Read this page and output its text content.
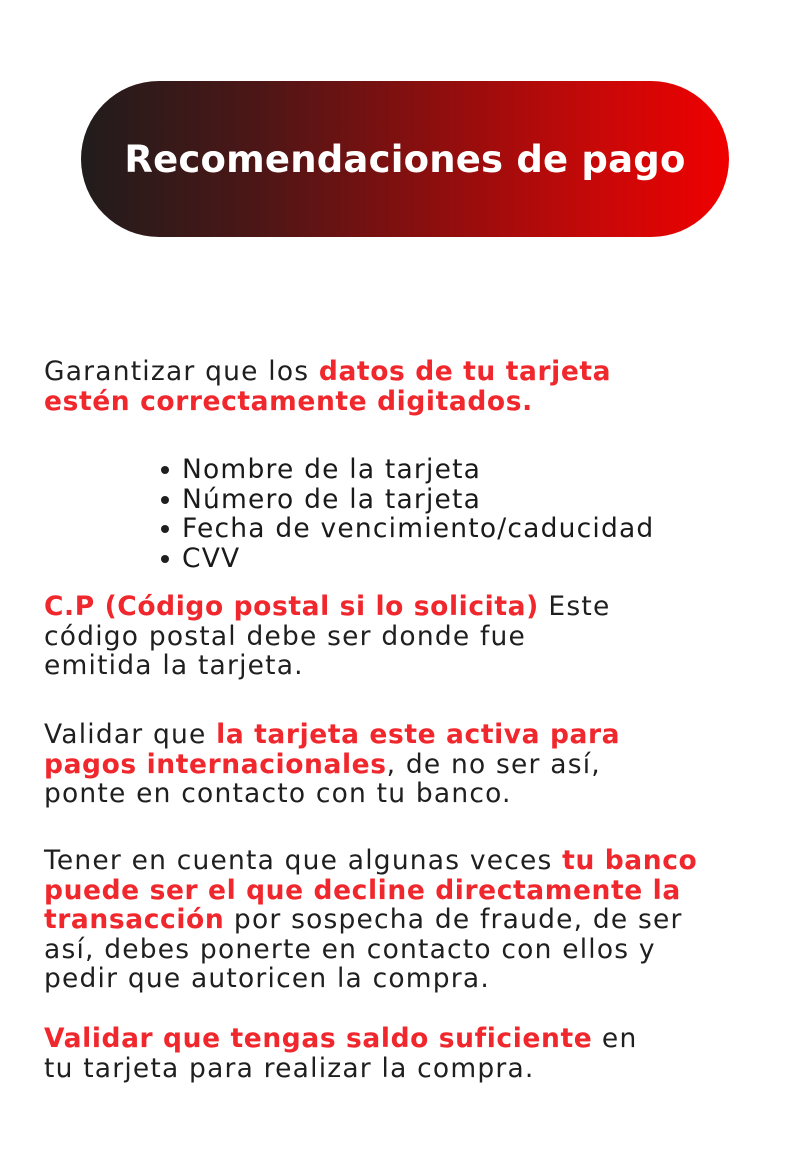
Recomendaciones de pago

Garantizar que los datos de tu tarjeta
estén correctamente digitados.

Nombre de la tarjeta
Número de la tarjeta
Fecha de vencimiento/caducidad
CVV

C.P (Código postal si lo solicita) Este
código postal debe ser donde fue
emitida la tarjeta.

Validar que la tarjeta este activa para
pagos internacionales, de no ser así,
ponte en contacto con tu banco.

Tener en cuenta que algunas veces tu banco
puede ser el que decline directamente la
transacción por sospecha de fraude, de ser
así, debes ponerte en contacto con ellos y
pedir que autoricen la compra.

Validar que tengas saldo suficiente en
tu tarjeta para realizar la compra.
